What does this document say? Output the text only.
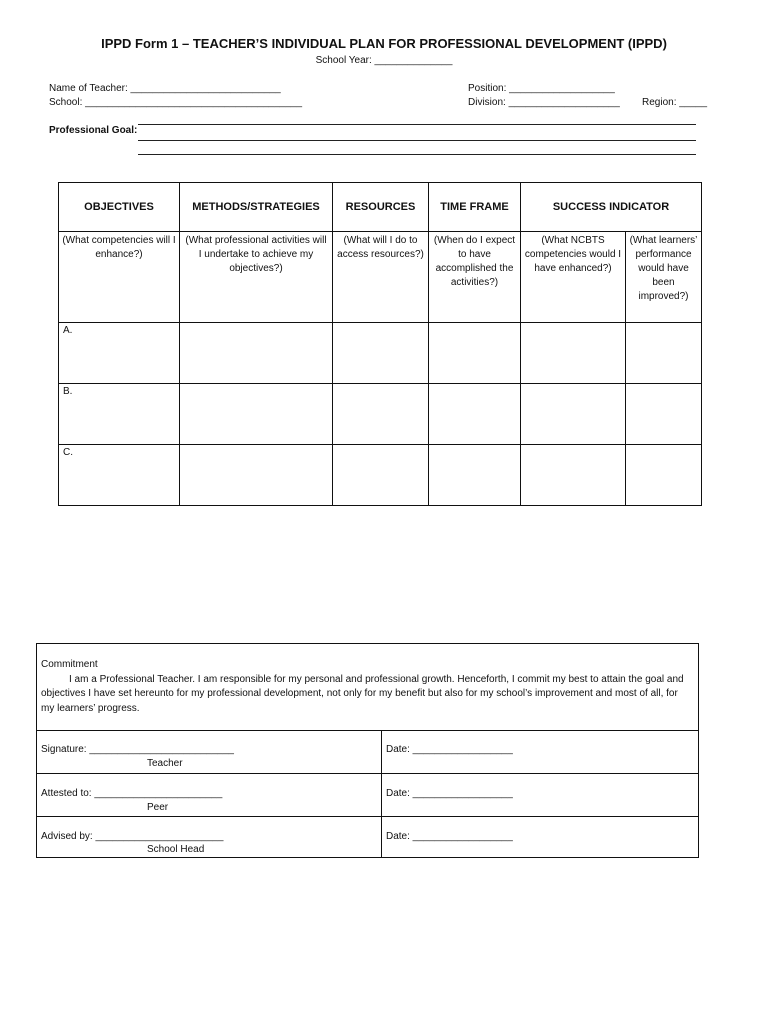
IPPD Form 1 – TEACHER’S INDIVIDUAL PLAN FOR PROFESSIONAL DEVELOPMENT (IPPD)
School Year: ______________
Name of Teacher: ___________________________
School: _______________________________________
Position: ___________________
Division: ____________________ Region: _____
Professional Goal:
OBJECTIVES	METHODS/STRATEGIES	RESOURCES	TIME FRAME	SUCCESS INDICATOR	
(What competencies will I enhance?)	(What professional activities will I undertake to achieve my objectives?)	(What will I do to access resources?)	(When do I expect to have accomplished the activities?)	(What NCBTS competencies would I have enhanced?)	(What learners’ performance would have been improved?)
A.					
B.					
C.					
Commitment
I am a Professional Teacher. I am responsible for my personal and professional growth. Henceforth, I commit my best to attain the goal and objectives I have set hereunto for my professional development, not only for my benefit but also for my school’s improvement and most of all, for my learners’ progress.
Signature: __________________________
Teacher
Date: __________________
Attested to: _______________________
Peer
Date: __________________
Advised by: _______________________
School Head
Date: __________________
